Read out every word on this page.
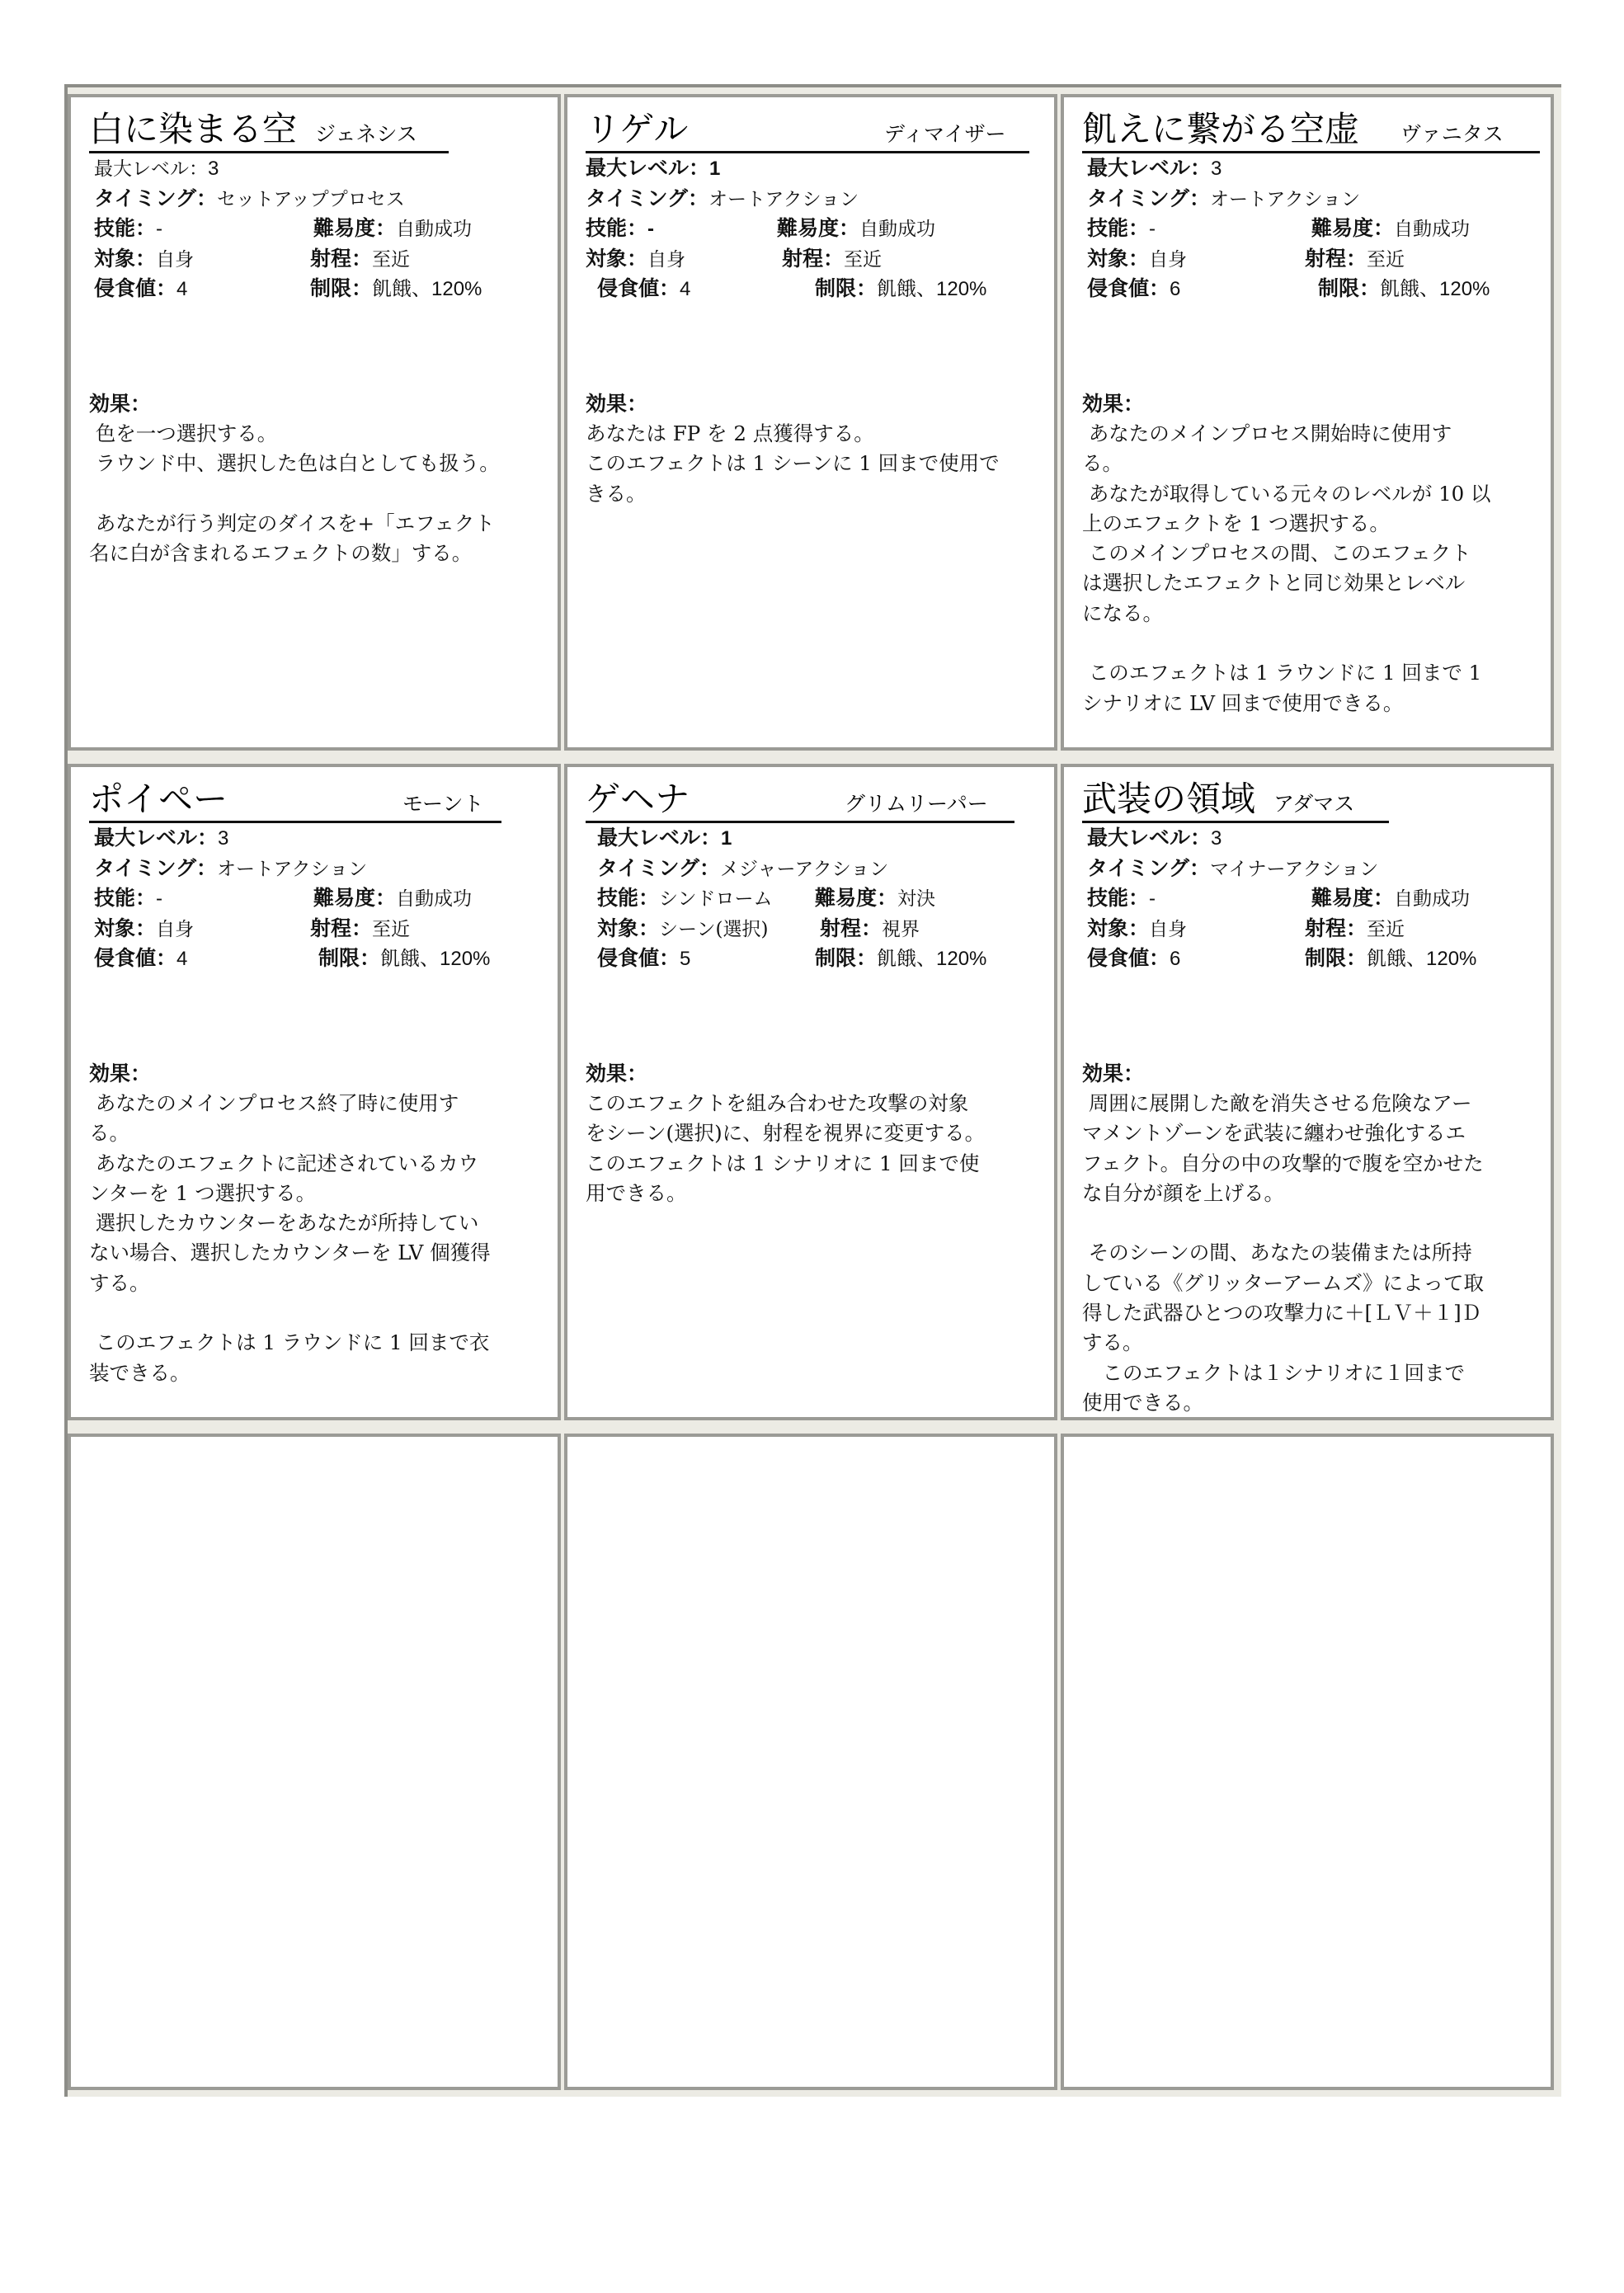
白に染まる空 ジェネシス
最大レベル：3
タイミング：セットアッププロセス
技能：-	難易度：自動成功
対象：自身	射程：至近
侵食値：4	制限：飢餓、120%
効果：
色を一つ選択する。
ラウンド中、選択した色は白としても扱う。

あなたが行う判定のダイスを+「エフェクト
名に白が含まれるエフェクトの数」する。
リゲル	ディマイザー
最大レベル：1
タイミング：オートアクション
技能：-	難易度：自動成功
対象：自身	射程：至近
侵食値：4	制限：飢餓、120%
効果：
あなたは FP を 2 点獲得する。
このエフェクトは 1 シーンに 1 回まで使用で
きる。
飢えに繋がる空虚 ヴァニタス
最大レベル：3
タイミング：オートアクション
技能：-	難易度：自動成功
対象：自身	射程：至近
侵食値：6	制限：飢餓、120%
効果：
あなたのメインプロセス開始時に使用す
る。
あなたが取得している元々のレベルが 10 以
上のエフェクトを 1 つ選択する。
このメインプロセスの間、このエフェクト
は選択したエフェクトと同じ効果とレベル
になる。

このエフェクトは 1 ラウンドに 1 回まで 1
シナリオに LV 回まで使用できる。
ポイペー	モーント
最大レベル：3
タイミング：オートアクション
技能：-	難易度：自動成功
対象：自身	射程：至近
侵食値：4	制限：飢餓、120%
効果：
あなたのメインプロセス終了時に使用す
る。
あなたのエフェクトに記述されているカウ
ンターを 1 つ選択する。
選択したカウンターをあなたが所持してい
ない場合、選択したカウンターを LV 個獲得
する。

このエフェクトは 1 ラウンドに 1 回まで衣
装できる。
ゲヘナ	グリムリーパー
最大レベル：1
タイミング：メジャーアクション
技能：シンドローム 難易度：対決
対象：シーン(選択) 射程：視界
侵食値：5	制限：飢餓、120%
効果：
このエフェクトを組み合わせた攻撃の対象
をシーン(選択)に、射程を視界に変更する。
このエフェクトは 1 シナリオに 1 回まで使
用できる。
武装の領域 アダマス
最大レベル：3
タイミング：マイナーアクション
技能：-	難易度：自動成功
対象：自身	射程：至近
侵食値：6	制限：飢餓、120%
効果：
周囲に展開した敵を消失させる危険なアー
マメントゾーンを武装に纏わせ強化するエ
フェクト。自分の中の攻撃的で腹を空かせた
な自分が顔を上げる。

そのシーンの間、あなたの装備または所持
している《グリッターアームズ》によって取
得した武器ひとつの攻撃力に＋[ＬＶ＋１]Ｄ
する。
　このエフェクトは１シナリオに１回まで
使用できる。
